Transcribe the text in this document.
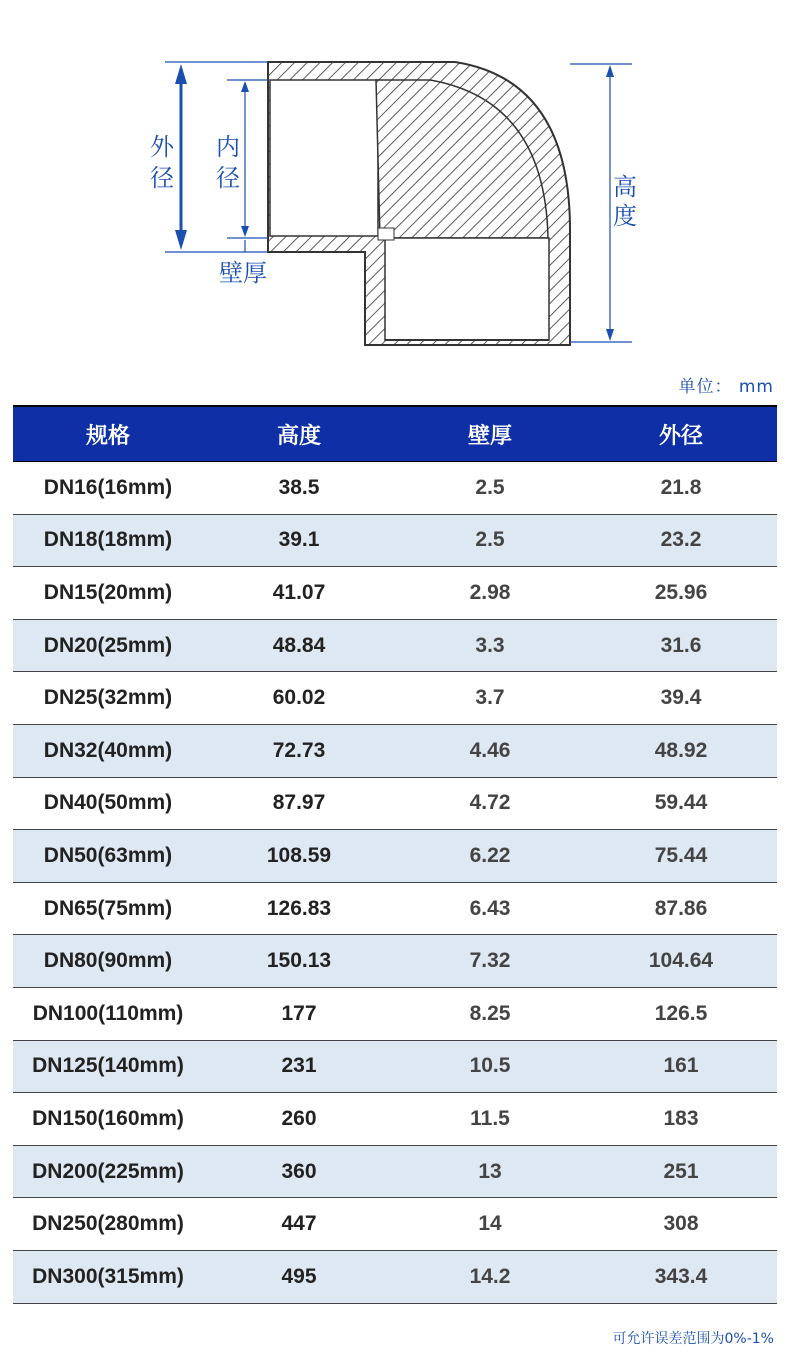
外径
内径
壁厚
高度
单位： mm
规格	高度	壁厚	外径
DN16(16mm)	38.5	2.5	21.8
DN18(18mm)	39.1	2.5	23.2
DN15(20mm)	41.07	2.98	25.96
DN20(25mm)	48.84	3.3	31.6
DN25(32mm)	60.02	3.7	39.4
DN32(40mm)	72.73	4.46	48.92
DN40(50mm)	87.97	4.72	59.44
DN50(63mm)	108.59	6.22	75.44
DN65(75mm)	126.83	6.43	87.86
DN80(90mm)	150.13	7.32	104.64
DN100(110mm)	177	8.25	126.5
DN125(140mm)	231	10.5	161
DN150(160mm)	260	11.5	183
DN200(225mm)	360	13	251
DN250(280mm)	447	14	308
DN300(315mm)	495	14.2	343.4
可允许误差范围为0%-1%
